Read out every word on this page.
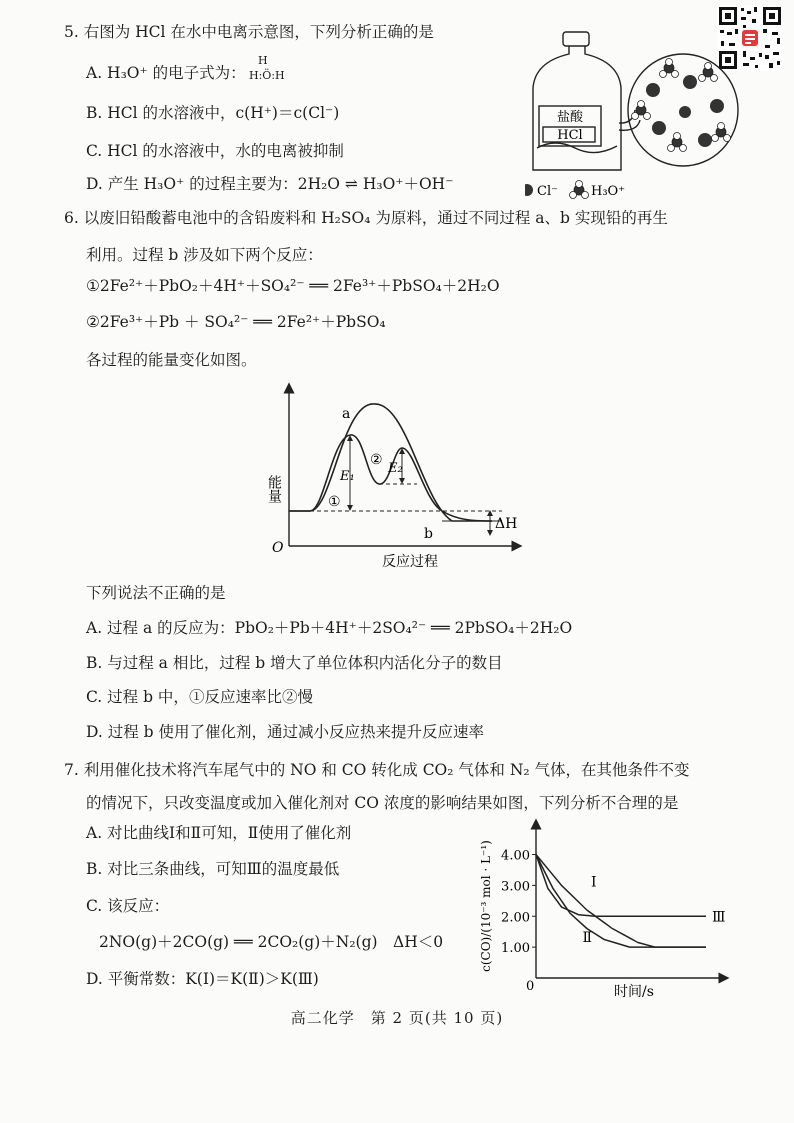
5. 右图为 HCl 在水中电离示意图，下列分析正确的是
A. H₃O⁺ 的电子式为：
H
H:Ö:H
B. HCl 的水溶液中，c(H⁺)＝c(Cl⁻)
C. HCl 的水溶液中，水的电离被抑制
D. 产生 H₃O⁺ 的过程主要为：2H₂O ⇌ H₃O⁺＋OH⁻
盐酸
HCl
Cl⁻	H₃O⁺
6. 以废旧铅酸蓄电池中的含铅废料和 H₂SO₄ 为原料，通过不同过程 a、b 实现铅的再生
利用。过程 b 涉及如下两个反应：
①2Fe²⁺＋PbO₂＋4H⁺＋SO₄²⁻ ══ 2Fe³⁺＋PbSO₄＋2H₂O
②2Fe³⁺＋Pb ＋ SO₄²⁻ ══ 2Fe²⁺＋PbSO₄
各过程的能量变化如图。
能量
反应过程
O
a
b
①
②
E₁
E₂
ΔH
下列说法不正确的是
A. 过程 a 的反应为：PbO₂＋Pb＋4H⁺＋2SO₄²⁻ ══ 2PbSO₄＋2H₂O
B. 与过程 a 相比，过程 b 增大了单位体积内活化分子的数目
C. 过程 b 中，①反应速率比②慢
D. 过程 b 使用了催化剂，通过减小反应热来提升反应速率
7. 利用催化技术将汽车尾气中的 NO 和 CO 转化成 CO₂ 气体和 N₂ 气体，在其他条件不变
的情况下，只改变温度或加入催化剂对 CO 浓度的影响结果如图，下列分析不合理的是
A. 对比曲线Ⅰ和Ⅱ可知，Ⅱ使用了催化剂
B. 对比三条曲线，可知Ⅲ的温度最低
C. 该反应：
2NO(g)＋2CO(g) ══ 2CO₂(g)＋N₂(g)　ΔH＜0
D. 平衡常数：K(Ⅰ)＝K(Ⅱ)＞K(Ⅲ)
c(CO)/(10⁻³ mol · L⁻¹)
时间/s
0
4.00
3.00
2.00
1.00
Ⅰ
Ⅱ
Ⅲ
高二化学　第 2 页(共 10 页)
